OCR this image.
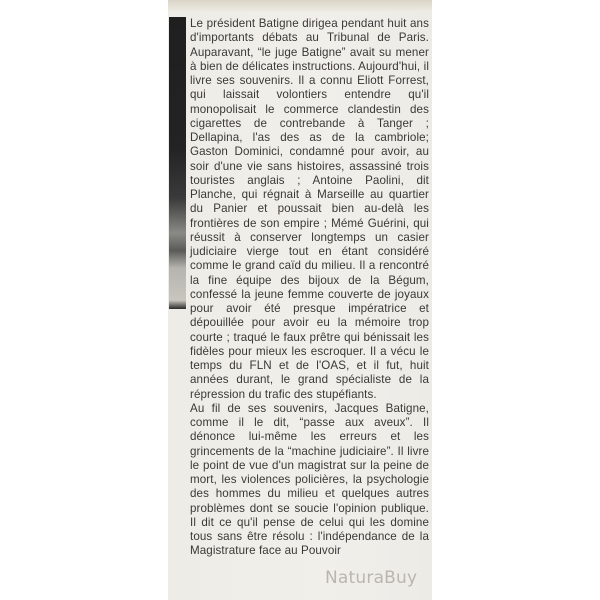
Le président Batigne dirigea pendant huit ans d'importants débats au Tribunal de Paris. Auparavant, “le juge Batigne” avait su mener à bien de délicates instructions. Aujourd'hui, il livre ses souvenirs. Il a connu Eliott Forrest, qui laissait volontiers entendre qu'il monopolisait le commerce clandestin des cigarettes de contrebande à Tanger ; Dellapina, l'as des as de la cambriole; Gaston Dominici, condamné pour avoir, au soir d'une vie sans histoires, assassiné trois touristes anglais ; Antoine Paolini, dit Planche, qui régnait à Marseille au quartier du Panier et poussait bien au-delà les frontières de son empire ; Mémé Guérini, qui réussit à conserver longtemps un casier judiciaire vierge tout en étant considéré comme le grand caïd du milieu. Il a rencontré la fine équipe des bijoux de la Bégum, confessé la jeune femme couverte de joyaux pour avoir été presque impératrice et dépouillée pour avoir eu la mémoire trop courte ; traqué le faux prêtre qui bénissait les fidèles pour mieux les escroquer. Il a vécu le temps du FLN et de l'OAS, et il fut, huit années durant, le grand spécialiste de la répression du trafic des stupéfiants.

Au fil de ses souvenirs, Jacques Batigne, comme il le dit, “passe aux aveux”. Il dénonce lui-même les erreurs et les grincements de la “machine judiciaire”. Il livre le point de vue d'un magistrat sur la peine de mort, les violences policières, la psychologie des hommes du milieu et quelques autres problèmes dont se soucie l'opinion publique. Il dit ce qu'il pense de celui qui les domine tous sans être résolu : l'indépendance de la Magistrature face au Pouvoir

NaturaBuy
